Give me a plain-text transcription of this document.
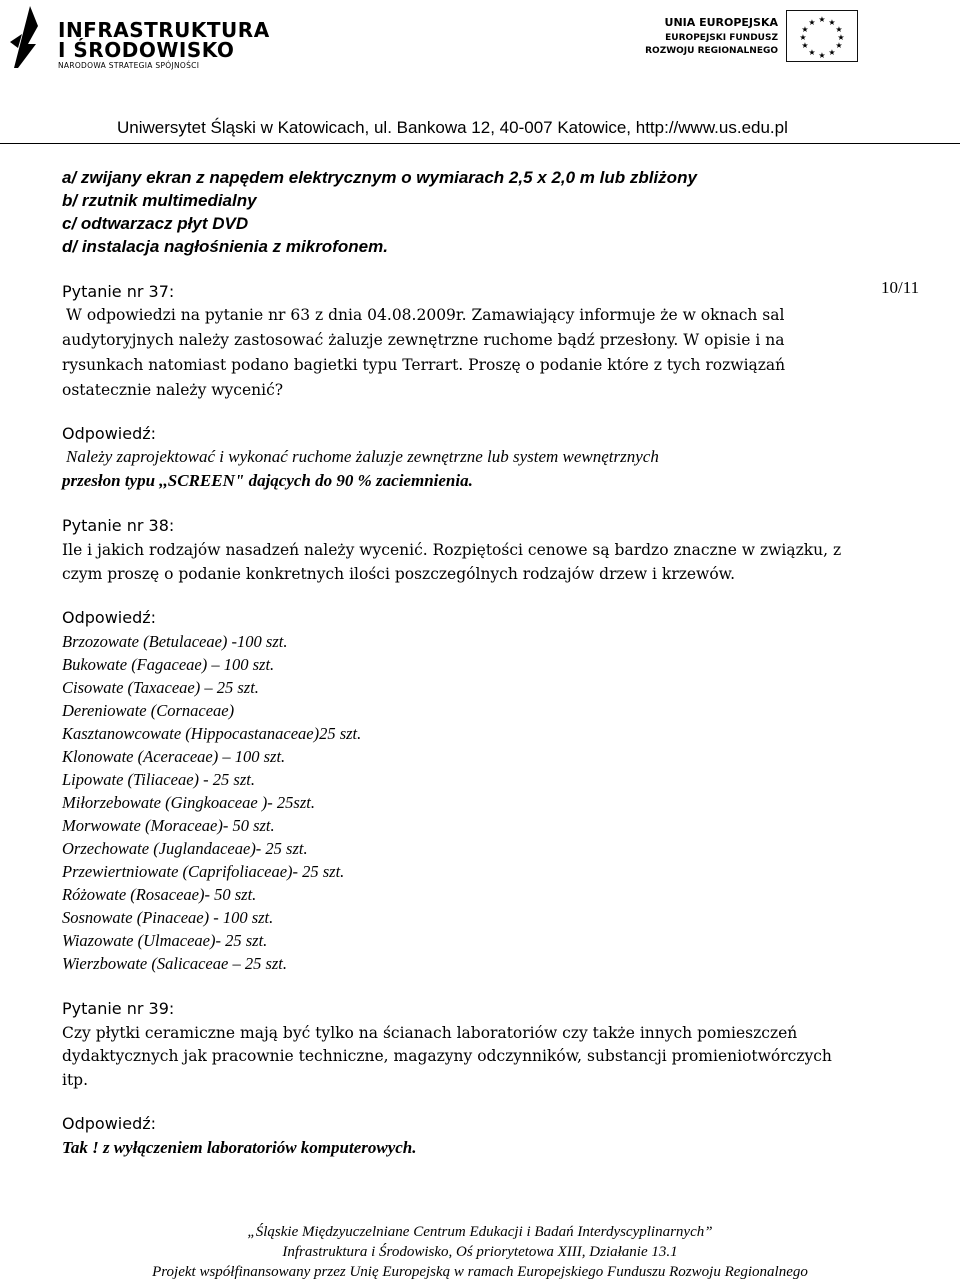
INFRASTRUKTURA
I ŚRODOWISKO
NARODOWA STRATEGIA SPÓJNOŚCI
UNIA EUROPEJSKA
EUROPEJSKI FUNDUSZ
ROZWOJU REGIONALNEGO
★ ★
★
★
★
★
★
★
★
★
★
★
Uniwersytet Śląski w Katowicach, ul. Bankowa 12, 40-007 Katowice, http://www.us.edu.pl
a/ zwijany ekran z napędem elektrycznym o wymiarach 2,5 x 2,0 m lub zbliżony
b/ rzutnik multimedialny
c/ odtwarzacz płyt DVD
d/ instalacja nagłośnienia z mikrofonem.
Pytanie nr 37:
W odpowiedzi na pytanie nr 63 z dnia 04.08.2009r. Zamawiający informuje że w oknach sal
audytoryjnych należy zastosować żaluzje zewnętrzne ruchome bądź przesłony. W opisie i na
rysunkach natomiast podano bagietki typu Terrart. Proszę o podanie które z tych rozwiązań
ostatecznie należy wycenić?
10/11
Odpowiedź:
Należy zaprojektować i wykonać ruchome żaluzje zewnętrzne lub system wewnętrznych
przesłon typu ,,SCREEN" dających do 90 % zaciemnienia.
Pytanie nr 38:
Ile i jakich rodzajów nasadzeń należy wycenić. Rozpiętości cenowe są bardzo znaczne w związku, z
czym proszę o podanie konkretnych ilości poszczególnych rodzajów drzew i krzewów.
Odpowiedź:
Brzozowate (Betulaceae) -100 szt.
Bukowate (Fagaceae) – 100 szt.
Cisowate (Taxaceae) – 25 szt.
Dereniowate (Cornaceae)
Kasztanowcowate (Hippocastanaceae)25 szt.
Klonowate (Aceraceae) – 100 szt.
Lipowate (Tiliaceae) - 25 szt.
Miłorzebowate (Gingkoaceae )- 25szt.
Morwowate (Moraceae)- 50 szt.
Orzechowate (Juglandaceae)- 25 szt.
Przewiertniowate (Caprifoliaceae)- 25 szt.
Różowate (Rosaceae)- 50 szt.
Sosnowate (Pinaceae) - 100 szt.
Wiazowate (Ulmaceae)- 25 szt.
Wierzbowate (Salicaceae – 25 szt.
Pytanie nr 39:
Czy płytki ceramiczne mają być tylko na ścianach laboratoriów czy także innych pomieszczeń
dydaktycznych jak pracownie techniczne, magazyny odczynników, substancji promieniotwórczych
itp.
Odpowiedź:
Tak ! z wyłączeniem laboratoriów komputerowych.
„Śląskie Międzyuczelniane Centrum Edukacji i Badań Interdyscyplinarnych”
Infrastruktura i Środowisko, Oś priorytetowa XIII, Działanie 13.1
Projekt współfinansowany przez Unię Europejską w ramach Europejskiego Funduszu Rozwoju Regionalnego
